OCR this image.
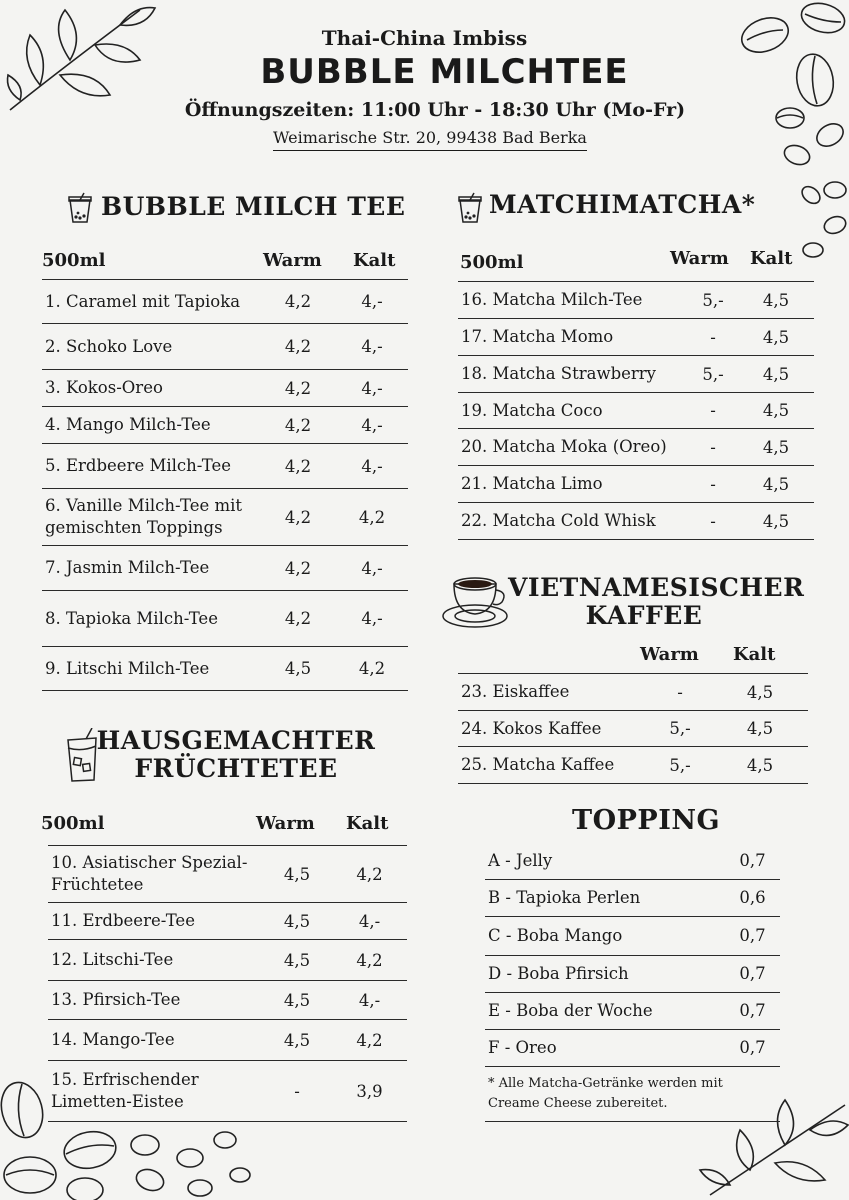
Thai-China Imbiss
BUBBLE MILCHTEE
Öffnungszeiten: 11:00 Uhr - 18:30 Uhr (Mo-Fr)
Weimarische Str. 20, 99438 Bad Berka
BUBBLE MILCH TEE
500ml	Warm Kalt
1. Caramel mit Tapioka	4,2	4,-
2. Schoko Love	4,2	4,-
3. Kokos-Oreo	4,2	4,-
4. Mango Milch-Tee	4,2	4,-
5. Erdbeere Milch-Tee	4,2	4,-
6. Vanille Milch-Tee mit gemischten Toppings	4,2	4,2
7. Jasmin Milch-Tee	4,2	4,-
8. Tapioka Milch-Tee	4,2	4,-
9. Litschi Milch-Tee	4,5	4,2
HAUSGEMACHTER
FRÜCHTETEE
500ml	Warm Kalt
10. Asiatischer Spezial-Früchtetee	4,5	4,2
11. Erdbeere-Tee	4,5	4,-
12. Litschi-Tee	4,5	4,2
13. Pfirsich-Tee	4,5	4,-
14. Mango-Tee	4,5	4,2
15. Erfrischender Limetten-Eistee	-	3,9
MATCHIMATCHA*
500ml	Warm Kalt
16. Matcha Milch-Tee	5,-	4,5
17. Matcha Momo	-	4,5
18. Matcha Strawberry	5,-	4,5
19. Matcha Coco	-	4,5
20. Matcha Moka (Oreo)	-	4,5
21. Matcha Limo	-	4,5
22. Matcha Cold Whisk	-	4,5
VIETNAMESISCHER
KAFFEE
Warm Kalt
23. Eiskaffee	-	4,5
24. Kokos Kaffee	5,-	4,5
25. Matcha Kaffee	5,-	4,5
TOPPING
A - Jelly	0,7
B - Tapioka Perlen	0,6
C - Boba Mango	0,7
D - Boba Pfirsich	0,7
E - Boba der Woche	0,7
F - Oreo	0,7
* Alle Matcha-Getränke werden mit Creame Cheese zubereitet.
